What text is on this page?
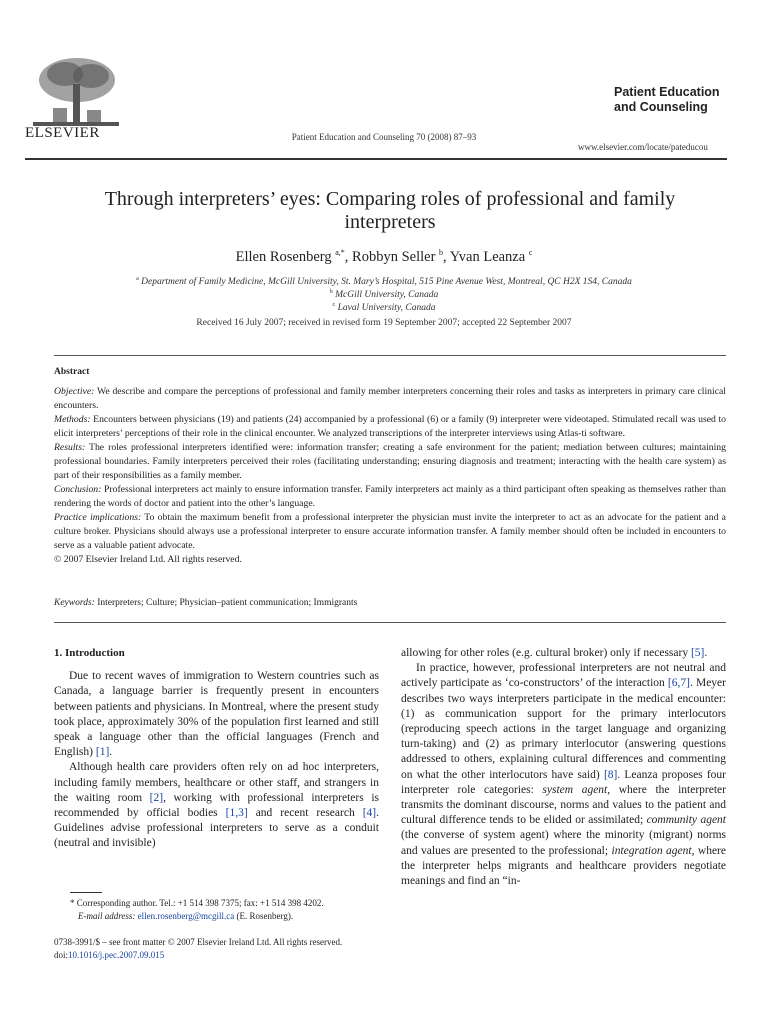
ELSEVIER	Patient Education and Counseling 70 (2008) 87–93
Patient Education
and Counseling
www.elsevier.com/locate/pateducou
Through interpreters’ eyes: Comparing roles of professional and family interpreters
Ellen Rosenberg $^{a,*}$, Robbyn Seller $^b$, Yvan Leanza $^c$
$^a$ Department of Family Medicine, McGill University, St. Mary’s Hospital, 515 Pine Avenue West, Montreal, QC H2X 1S4, Canada
$^b$ McGill University, Canada
$^c$ Laval University, Canada
Received 16 July 2007; received in revised form 19 September 2007; accepted 22 September 2007
Abstract

Objective: We describe and compare the perceptions of professional and family member interpreters concerning their roles and tasks as interpreters in primary care clinical encounters.

Methods: Encounters between physicians (19) and patients (24) accompanied by a professional (6) or a family (9) interpreter were videotaped. Stimulated recall was used to elicit interpreters’ perceptions of their role in the clinical encounter. We analyzed transcriptions of the interpreter interviews using Atlas-ti software.

Results: The roles professional interpreters identified were: information transfer; creating a safe environment for the patient; mediation between cultures; maintaining professional boundaries. Family interpreters perceived their roles (facilitating understanding; ensuring diagnosis and treatment; interacting with the health care system) as part of their responsibilities as a family member.

Conclusion: Professional interpreters act mainly to ensure information transfer. Family interpreters act mainly as a third participant often speaking as themselves rather than rendering the words of doctor and patient into the other’s language.

Practice implications: To obtain the maximum benefit from a professional interpreter the physician must invite the interpreter to act as an advocate for the patient and a culture broker. Physicians should always use a professional interpreter to ensure accurate information transfer. A family member should often be included in encounters to serve as a valuable patient advocate.

© 2007 Elsevier Ireland Ltd. All rights reserved.

Keywords: Interpreters; Culture; Physician–patient communication; Immigrants

1. Introduction

Due to recent waves of immigration to Western countries such as Canada, a language barrier is frequently present in encounters between patients and physicians. In Montreal, where the present study took place, approximately 30% of the population first learned and still speak a language other than the official languages (French and English) [1].

Although health care providers often rely on ad hoc interpreters, including family members, healthcare or other staff, and strangers in the waiting room [2], working with professional interpreters is recommended by official bodies [1,3] and recent research [4]. Guidelines advise professional interpreters to serve as a conduit (neutral and invisible)

allowing for other roles (e.g. cultural broker) only if necessary [5].

In practice, however, professional interpreters are not neutral and actively participate as ‘co-constructors’ of the interaction [6,7]. Meyer describes two ways interpreters participate in the medical encounter: (1) as communication support for the primary interlocutors (reproducing speech actions in the target language and organizing turn-taking) and (2) as primary interlocutor (answering questions addressed to others, explaining cultural differences and commenting on what the other interlocutors have said) [8]. Leanza proposes four interpreter role categories: system agent, where the interpreter transmits the dominant discourse, norms and values to the patient and cultural difference tends to be elided or assimilated; community agent (the converse of system agent) where the minority (migrant) norms and values are presented to the professional; integration agent, where the interpreter helps migrants and healthcare providers negotiate meanings and find an “in-

* Corresponding author. Tel.: +1 514 398 7375; fax: +1 514 398 4202.
E-mail address: ellen.rosenberg@mcgill.ca (E. Rosenberg).
0738-3991/$ – see front matter © 2007 Elsevier Ireland Ltd. All rights reserved.
doi:10.1016/j.pec.2007.09.015
